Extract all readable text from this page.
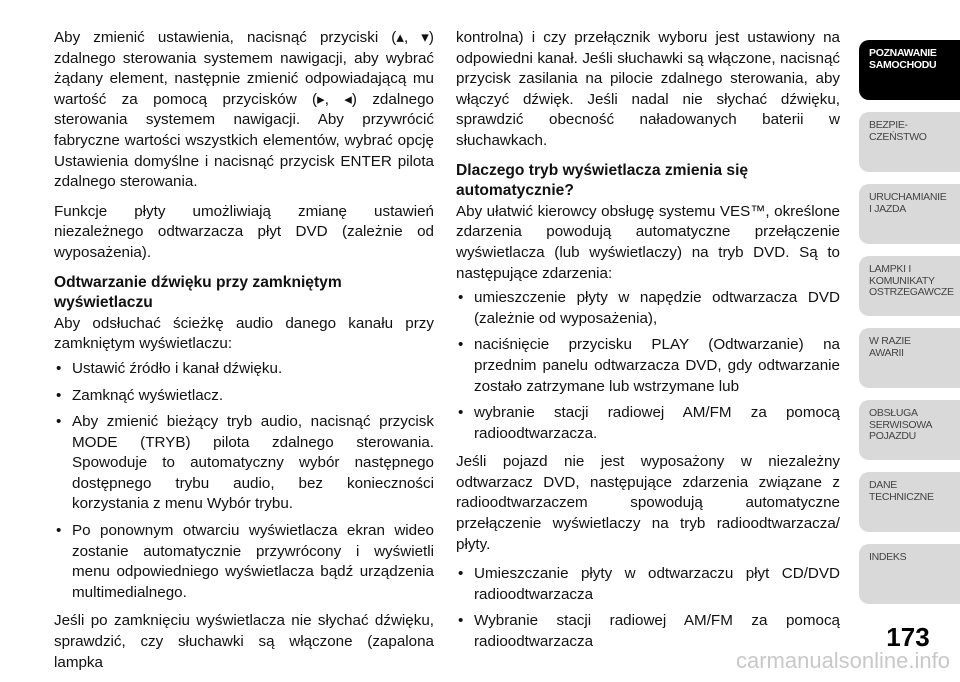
Aby zmienić ustawienia, nacisnąć przyciski (▴, ▾) zdalnego sterowania systemem nawigacji, aby wybrać żądany element, następnie zmienić odpowiadającą mu wartość za pomocą przycisków (▸, ◂) zdalnego sterowania systemem nawigacji. Aby przywrócić fabryczne wartości wszystkich elementów, wybrać opcję Ustawienia domyślne i nacisnąć przycisk ENTER pilota zdalnego sterowania.

Funkcje płyty umożliwiają zmianę ustawień niezależnego odtwarzacza płyt DVD (zależnie od wyposażenia).

Odtwarzanie dźwięku przy zamkniętym wyświetlaczu

Aby odsłuchać ścieżkę audio danego kanału przy zamkniętym wyświetlaczu:

• Ustawić źródło i kanał dźwięku.
• Zamknąć wyświetlacz.
• Aby zmienić bieżący tryb audio, nacisnąć przycisk MODE (TRYB) pilota zdalnego sterowania. Spowoduje to automatyczny wybór następnego dostępnego trybu audio, bez konieczności korzystania z menu Wybór trybu.
• Po ponownym otwarciu wyświetlacza ekran wideo zostanie automatycznie przywrócony i wyświetli menu odpowiedniego wyświetlacza bądź urządzenia multimedialnego.

Jeśli po zamknięciu wyświetlacza nie słychać dźwięku, sprawdzić, czy słuchawki są włączone (zapalona lampka

kontrolna) i czy przełącznik wyboru jest ustawiony na odpowiedni kanał. Jeśli słuchawki są włączone, nacisnąć przycisk zasilania na pilocie zdalnego sterowania, aby włączyć dźwięk. Jeśli nadal nie słychać dźwięku, sprawdzić obecność naładowanych baterii w słuchawkach.

Dlaczego tryb wyświetlacza zmienia się automatycznie?

Aby ułatwić kierowcy obsługę systemu VES™, określone zdarzenia powodują automatyczne przełączenie wyświetlacza (lub wyświetlaczy) na tryb DVD. Są to następujące zdarzenia:

• umieszczenie płyty w napędzie odtwarzacza DVD (zależnie od wyposażenia),
• naciśnięcie przycisku PLAY (Odtwarzanie) na przednim panelu odtwarzacza DVD, gdy odtwarzanie zostało zatrzymane lub wstrzymane lub
• wybranie stacji radiowej AM/FM za pomocą radioodtwarzacza.

Jeśli pojazd nie jest wyposażony w niezależny odtwarzacz DVD, następujące zdarzenia związane z radioodtwarzaczem spowodują automatyczne przełączenie wyświetlaczy na tryb radioodtwarzacza/ płyty.

• Umieszczanie płyty w odtwarzaczu płyt CD/DVD radioodtwarzacza
• Wybranie stacji radiowej AM/FM za pomocą radioodtwarzacza
POZNAWANIE
SAMOCHODU
BEZPIE-
CZEŃSTWO
URUCHAMIANIE
I JAZDA
LAMPKI I
KOMUNIKATY
OSTRZEGAWCZE
W RAZIE
AWARII
OBSŁUGA
SERWISOWA
POJAZDU
DANE
TECHNICZNE
INDEKS
173
carmanualsonline.info
